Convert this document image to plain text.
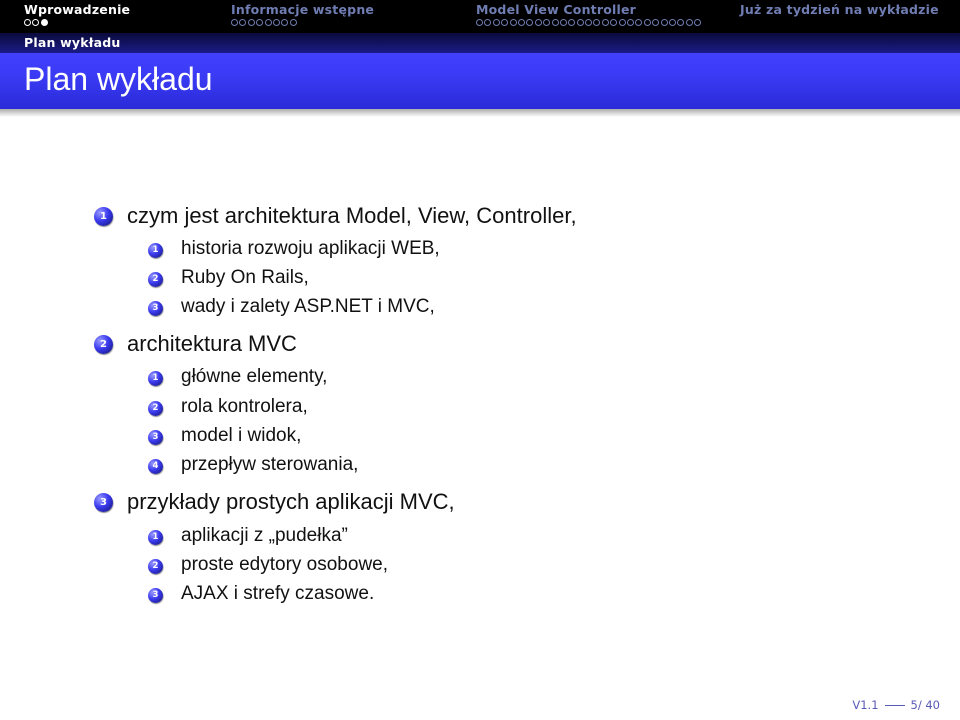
Wprowadzenie	Informacje wstępne	Model View Controller	Już za tydzień na wykładzie
Plan wykładu
Plan wykładu
1 czym jest architektura Model, View, Controller,
1 historia rozwoju aplikacji WEB,
2 Ruby On Rails,
3 wady i zalety ASP.NET i MVC,
2 architektura MVC
1 główne elementy,
2 rola kontrolera,
3 model i widok,
4 przepływ sterowania,
3 przykłady prostych aplikacji MVC,
1 aplikacji z „pudełka”
2 proste edytory osobowe,
3 AJAX i strefy czasowe.
V1.1	5/ 40
